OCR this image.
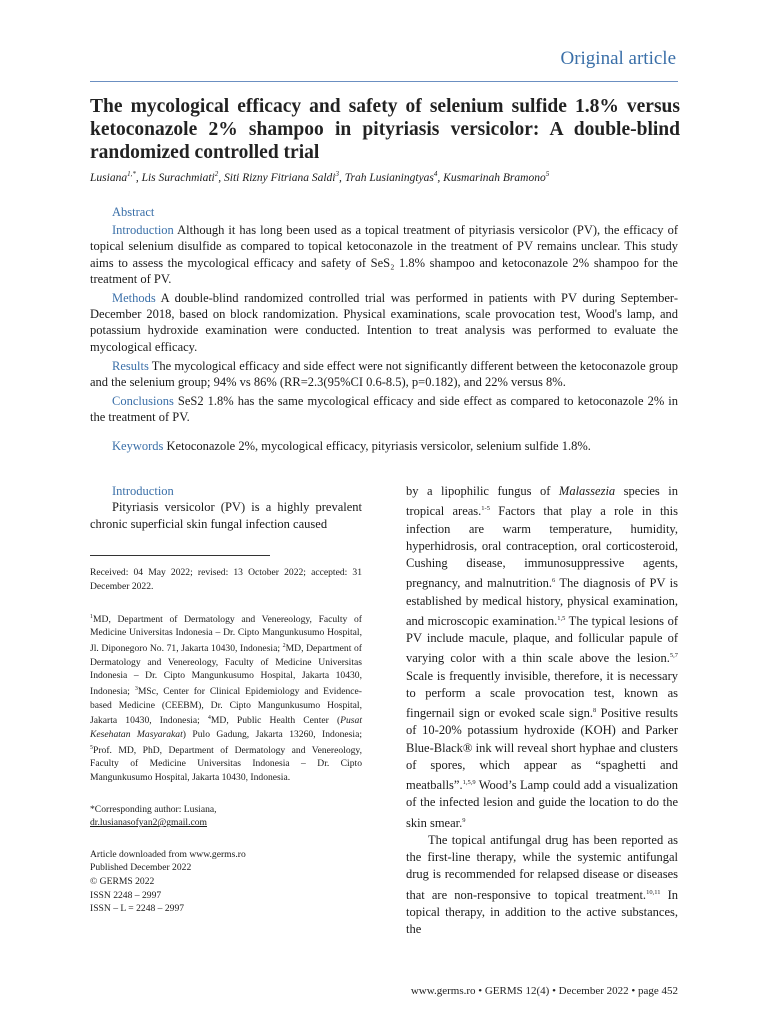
Original article
The mycological efficacy and safety of selenium sulfide 1.8% versus ketoconazole 2% shampoo in pityriasis versicolor: A double-blind randomized controlled trial
Lusiana$^{1,*}$, Lis Surachmiati$^2$, Siti Rizny Fitriana Saldi$^3$, Trah Lusianingtyas$^4$, Kusmarinah Bramono$^5$
Abstract

Introduction Although it has long been used as a topical treatment of pityriasis versicolor (PV), the efficacy of topical selenium disulfide as compared to topical ketoconazole in the treatment of PV remains unclear. This study aims to assess the mycological efficacy and safety of SeS₂ 1.8% shampoo and ketoconazole 2% shampoo for the treatment of PV.

Methods A double-blind randomized controlled trial was performed in patients with PV during September-December 2018, based on block randomization. Physical examinations, scale provocation test, Wood's lamp, and potassium hydroxide examination were conducted. Intention to treat analysis was performed to evaluate the mycological efficacy.

Results The mycological efficacy and side effect were not significantly different between the ketoconazole group and the selenium group; 94% vs 86% (RR=2.3(95%CI 0.6-8.5), p=0.182), and 22% versus 8%.

Conclusions SeS2 1.8% has the same mycological efficacy and side effect as compared to ketoconazole 2% in the treatment of PV.

Keywords Ketoconazole 2%, mycological efficacy, pityriasis versicolor, selenium sulfide 1.8%.

Introduction

Pityriasis versicolor (PV) is a highly prevalent chronic superficial skin fungal infection caused

Received: 04 May 2022; revised: 13 October 2022; accepted: 31 December 2022.

$^1$MD, Department of Dermatology and Venereology, Faculty of Medicine Universitas Indonesia – Dr. Cipto Mangunkusumo Hospital, Jl. Diponegoro No. 71, Jakarta 10430, Indonesia; $^2$MD, Department of Dermatology and Venereology, Faculty of Medicine Universitas Indonesia – Dr. Cipto Mangunkusumo Hospital, Jakarta 10430, Indonesia; $^3$MSc, Center for Clinical Epidemiology and Evidence-based Medicine (CEEBM), Dr. Cipto Mangunkusumo Hospital, Jakarta 10430, Indonesia; $^4$MD, Public Health Center (Pusat Kesehatan Masyarakat) Pulo Gadung, Jakarta 13260, Indonesia; $^5$Prof. MD, PhD, Department of Dermatology and Venereology, Faculty of Medicine Universitas Indonesia – Dr. Cipto Mangunkusumo Hospital, Jakarta 10430, Indonesia.

*Corresponding author: Lusiana,
dr.lusianasofyan2@gmail.com
Article downloaded from www.germs.ro
Published December 2022
© GERMS 2022
ISSN 2248 – 2997
ISSN – L = 2248 – 2997

by a lipophilic fungus of Malassezia species in tropical areas.$^{1-5}$ Factors that play a role in this infection are warm temperature, humidity, hyperhidrosis, oral contraception, oral corticosteroid, Cushing disease, immunosuppressive agents, pregnancy, and malnutrition.$^6$ The diagnosis of PV is established by medical history, physical examination, and microscopic examination.$^{1,5}$ The typical lesions of PV include macule, plaque, and follicular papule of varying color with a thin scale above the lesion.$^{5,7}$ Scale is frequently invisible, therefore, it is necessary to perform a scale provocation test, known as fingernail sign or evoked scale sign.$^8$ Positive results of 10-20% potassium hydroxide (KOH) and Parker Blue-Black® ink will reveal short hyphae and clusters of spores, which appear as “spaghetti and meatballs”.$^{1,5,9}$ Wood’s Lamp could add a visualization of the infected lesion and guide the location to do the skin smear.$^9$

The topical antifungal drug has been reported as the first-line therapy, while the systemic antifungal drug is recommended for relapsed disease or diseases that are non-responsive to topical treatment.$^{10,11}$ In topical therapy, in addition to the active substances, the

www.germs.ro • GERMS 12(4) • December 2022 • page 452
